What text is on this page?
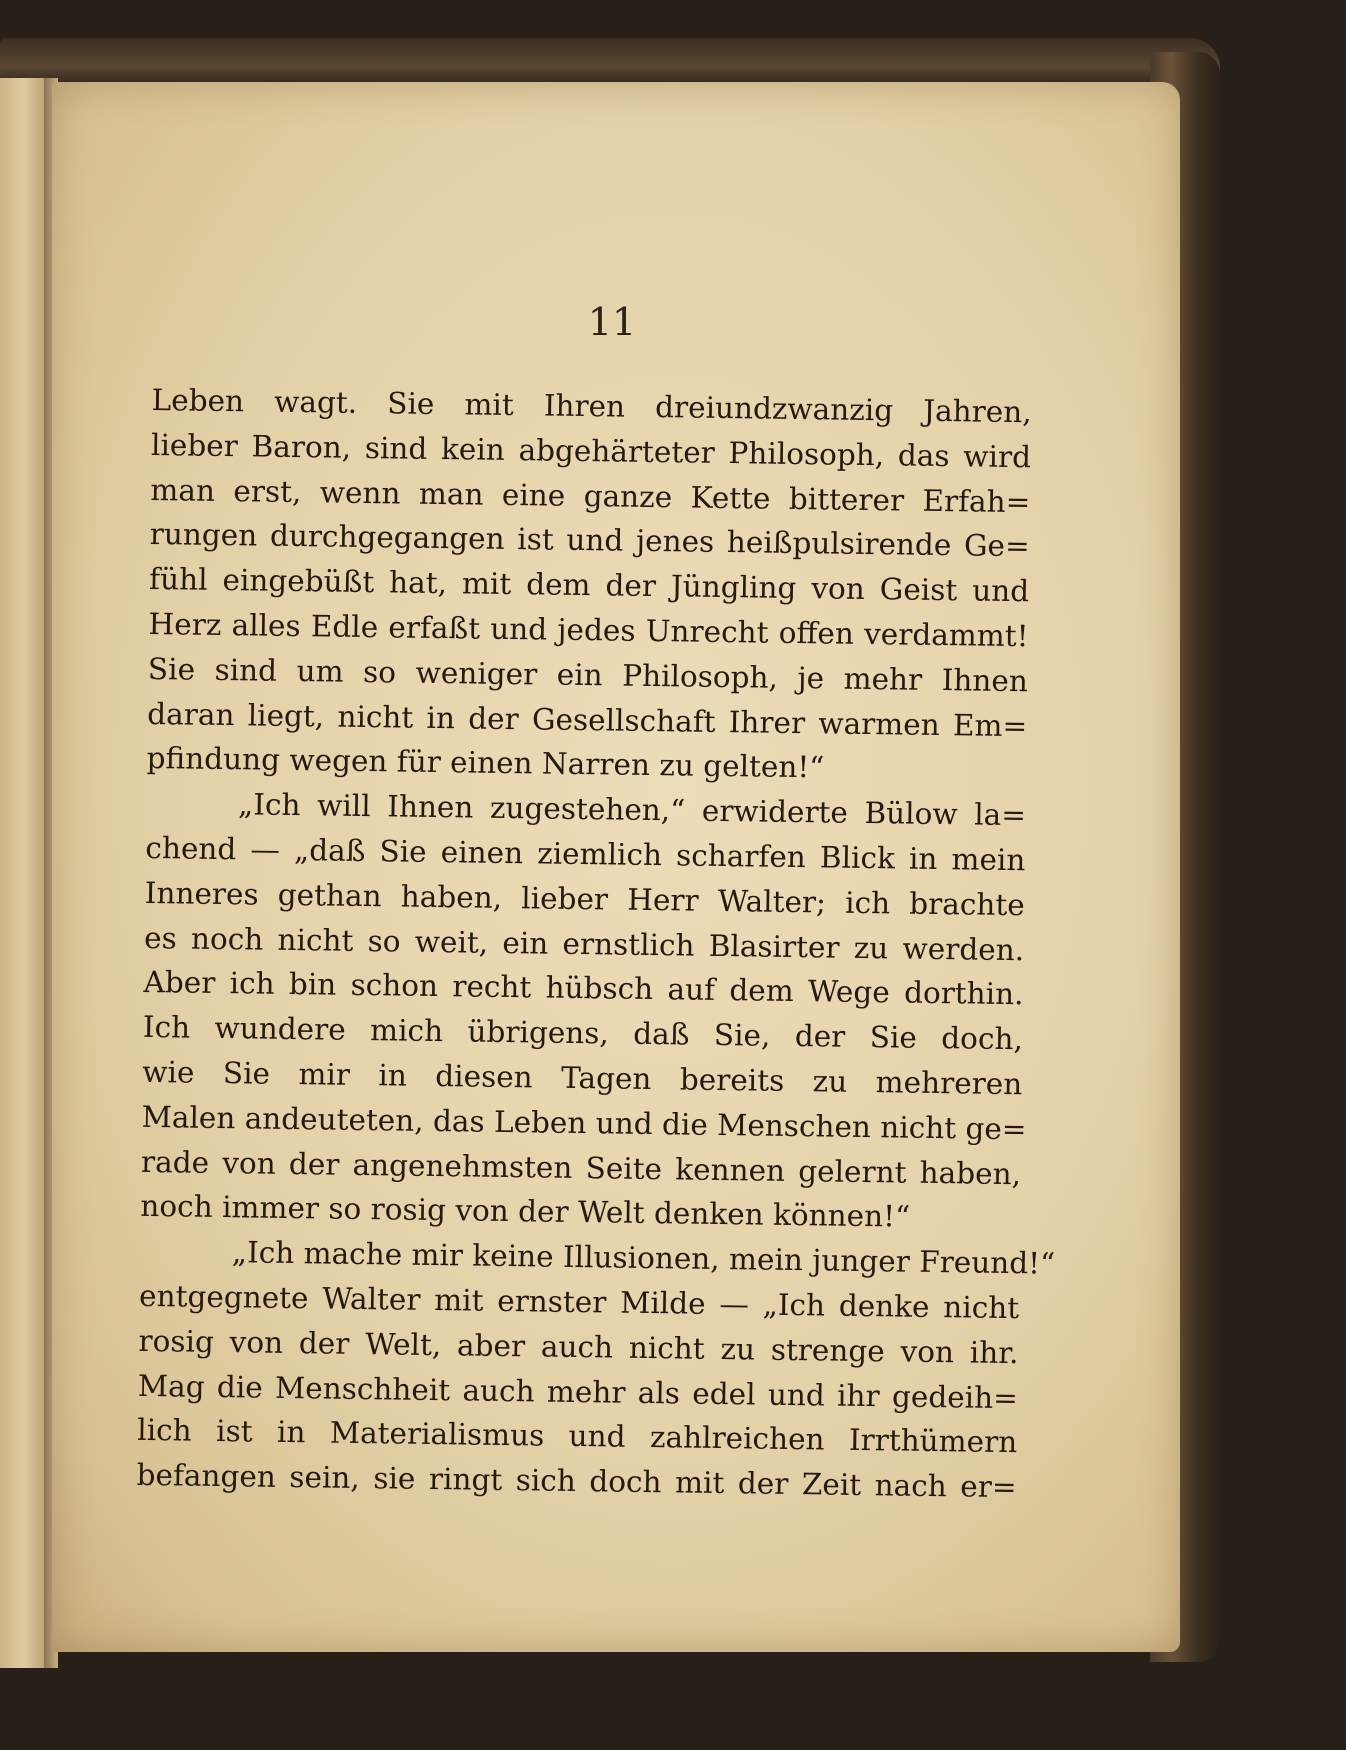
11
Leben wagt. Sie mit Ihren dreiundzwanzig Jahren,
lieber Baron, sind kein abgehärteter Philosoph, das wird
man erst, wenn man eine ganze Kette bitterer Erfah=
rungen durchgegangen ist und jenes heißpulsirende Ge=
fühl eingebüßt hat, mit dem der Jüngling von Geist und
Herz alles Edle erfaßt und jedes Unrecht offen verdammt!
Sie sind um so weniger ein Philosoph, je mehr Ihnen
daran liegt, nicht in der Gesellschaft Ihrer warmen Em=
pfindung wegen für einen Narren zu gelten!“
„Ich will Ihnen zugestehen,“ erwiderte Bülow la=
chend — „daß Sie einen ziemlich scharfen Blick in mein
Inneres gethan haben, lieber Herr Walter; ich brachte
es noch nicht so weit, ein ernstlich Blasirter zu werden.
Aber ich bin schon recht hübsch auf dem Wege dorthin.
Ich wundere mich übrigens, daß Sie, der Sie doch,
wie Sie mir in diesen Tagen bereits zu mehreren
Malen andeuteten, das Leben und die Menschen nicht ge=
rade von der angenehmsten Seite kennen gelernt haben,
noch immer so rosig von der Welt denken können!“
„Ich mache mir keine Illusionen, mein junger Freund!“
entgegnete Walter mit ernster Milde — „Ich denke nicht
rosig von der Welt, aber auch nicht zu strenge von ihr.
Mag die Menschheit auch mehr als edel und ihr gedeih=
lich ist in Materialismus und zahlreichen Irrthümern
befangen sein, sie ringt sich doch mit der Zeit nach er=
